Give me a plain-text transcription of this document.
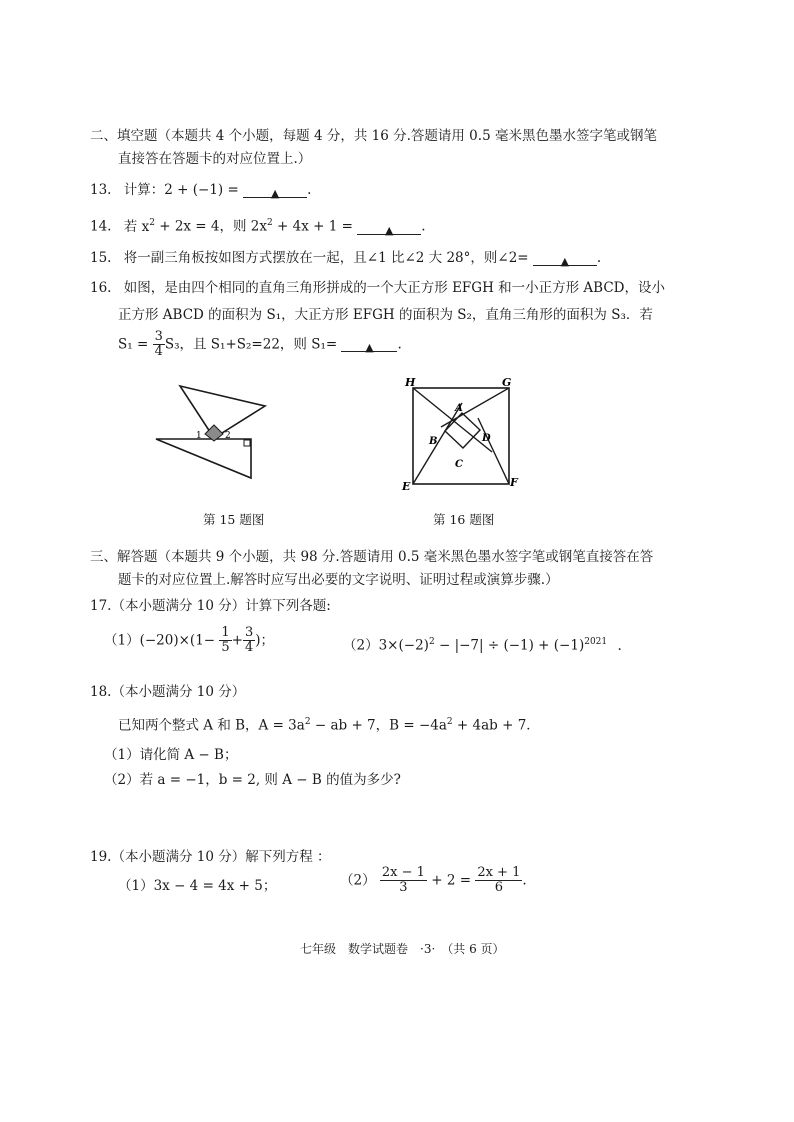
二、填空题（本题共 4 个小题，每题 4 分，共 16 分.答题请用 0.5 毫米黑色墨水签字笔或钢笔
直接答在答题卡的对应位置上.）
13. 计算：2 + (−1) =	▲ .
14. 若 $x^2 + 2x = 4$，则 $2x^2 + 4x + 1$ =	▲ .
15. 将一副三角板按如图方式摆放在一起，且∠1 比∠2 大 28°，则∠2=	▲ .
16. 如图，是由四个相同的直角三角形拼成的一个大正方形 EFGH 和一小正方形 ABCD，设小
正方形 ABCD 的面积为 S₁，大正方形 EFGH 的面积为 S₂，直角三角形的面积为 S₃．若
$S_1 = \frac{3}{4} S_3$，且 S₁+S₂=22，则 S₁=	▲ .
1	2
第 15 题图
H	G
E	F
A
B
C
D
第 16 题图
三、解答题（本题共 9 个小题，共 98 分.答题请用 0.5 毫米黑色墨水签字笔或钢笔直接答在答
题卡的对应位置上.解答时应写出必要的文字说明、证明过程或演算步骤.）
17.（本小题满分 10 分）计算下列各题:
$(1)(-20)\times(1- \frac{1}{5} + \frac{3}{4}$ )；	$(2)3\times(-2)^2 - |-7| \div (-1) + (-1)^{2021}$ .
18.（本小题满分 10 分）
已知两个整式 A 和 B，$A = 3a^2$ − ab + 7，$B = -4a^2 + 4ab + 7$．
（1）请化简 A − B；
（2）若 a = −1，b = 2, 则 A − B 的值为多少?
19.（本小题满分 10 分）解下列方程 ：
（1）3x − 4 = 4x + 5；	$(2) \frac{2x - 1}{3} + 2 = \frac{2x + 1}{6}$ .
七年级　数学试题卷　·3·　（共 6 页）
